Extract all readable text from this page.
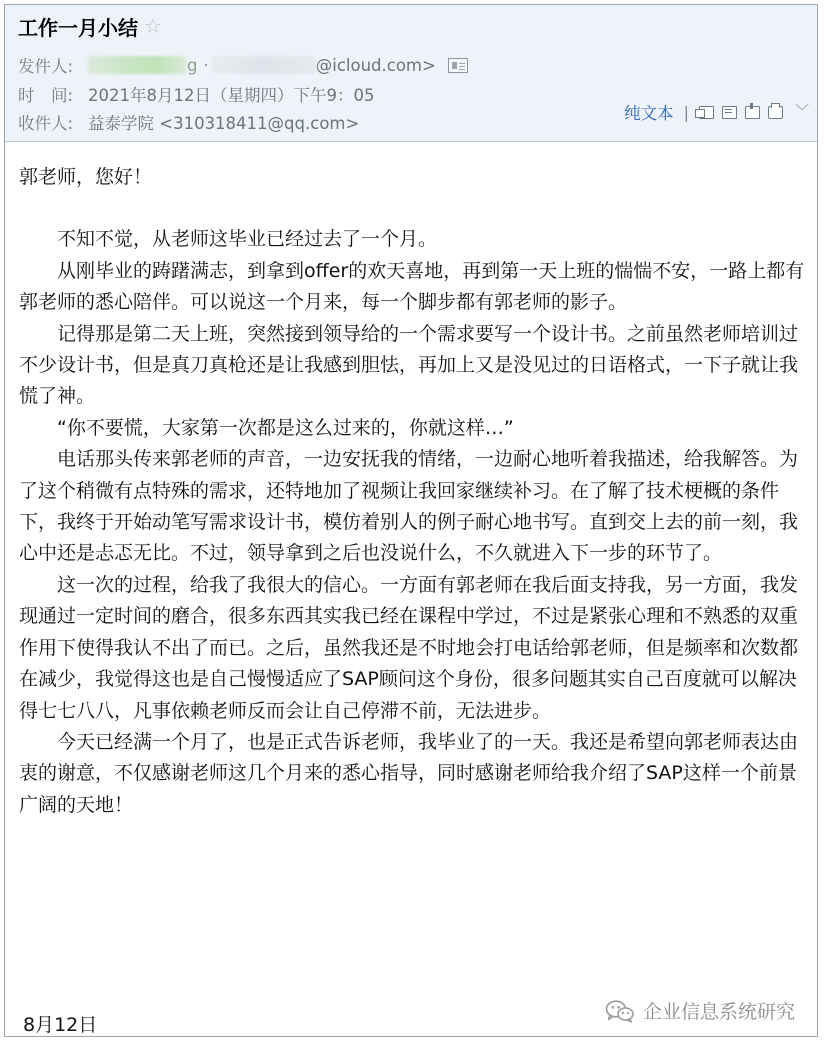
工作一月小结 ☆
发件人:	g ·	@icloud.com>
时　间: 2021年8月12日（星期四）下午9：05
收件人: 益泰学院 <310318411@qq.com>
纯文本 |	﹀

郭老师，您好！

不知不觉，从老师这毕业已经过去了一个月。

从刚毕业的踌躇满志，到拿到offer的欢天喜地，再到第一天上班的惴惴不安，一路上都有郭老师的悉心陪伴。可以说这一个月来，每一个脚步都有郭老师的影子。

记得那是第二天上班，突然接到领导给的一个需求要写一个设计书。之前虽然老师培训过不少设计书，但是真刀真枪还是让我感到胆怯，再加上又是没见过的日语格式，一下子就让我慌了神。

“你不要慌，大家第一次都是这么过来的，你就这样…”

电话那头传来郭老师的声音，一边安抚我的情绪，一边耐心地听着我描述，给我解答。为了这个稍微有点特殊的需求，还特地加了视频让我回家继续补习。在了解了技术梗概的条件下，我终于开始动笔写需求设计书，模仿着别人的例子耐心地书写。直到交上去的前一刻，我心中还是忐忑无比。不过，领导拿到之后也没说什么，不久就进入下一步的环节了。

这一次的过程，给我了我很大的信心。一方面有郭老师在我后面支持我，另一方面，我发现通过一定时间的磨合，很多东西其实我已经在课程中学过，不过是紧张心理和不熟悉的双重作用下使得我认不出了而已。之后，虽然我还是不时地会打电话给郭老师，但是频率和次数都在减少，我觉得这也是自己慢慢适应了SAP顾问这个身份，很多问题其实自己百度就可以解决得七七八八，凡事依赖老师反而会让自己停滞不前，无法进步。

今天已经满一个月了，也是正式告诉老师，我毕业了的一天。我还是希望向郭老师表达由衷的谢意，不仅感谢老师这几个月来的悉心指导，同时感谢老师给我介绍了SAP这样一个前景广阔的天地！

8月12日
企业信息系统研究
